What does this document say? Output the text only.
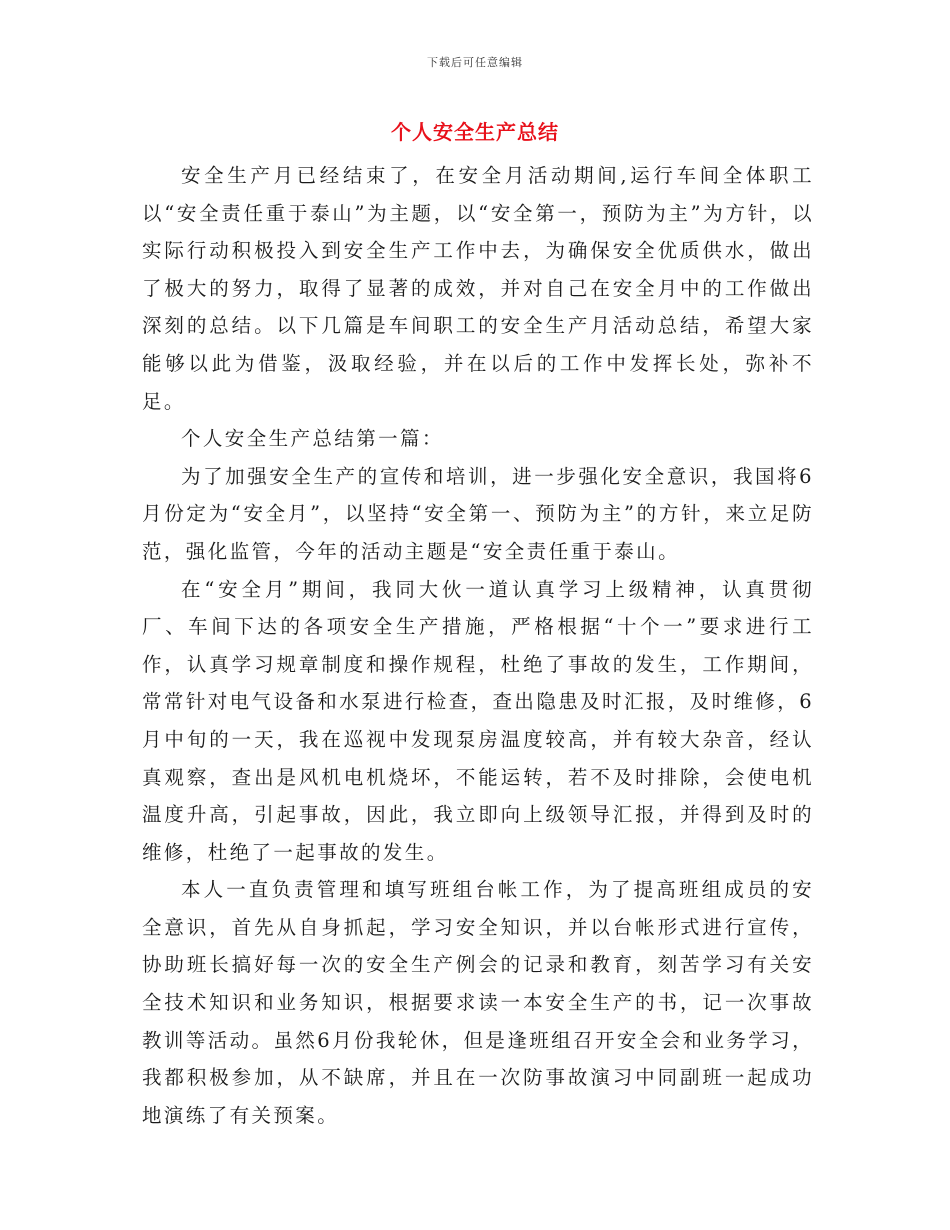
下载后可任意编辑
个人安全生产总结

安全生产月已经结束了，在安全月活动期间,运行车间全体职工以“安全责任重于泰山”为主题，以“安全第一，预防为主”为方针，以实际行动积极投入到安全生产工作中去，为确保安全优质供水，做出了极大的努力，取得了显著的成效，并对自己在安全月中的工作做出深刻的总结。以下几篇是车间职工的安全生产月活动总结，希望大家能够以此为借鉴，汲取经验，并在以后的工作中发挥长处，弥补不足。

个人安全生产总结第一篇：

为了加强安全生产的宣传和培训，进一步强化安全意识，我国将6月份定为“安全月”，以坚持“安全第一、预防为主”的方针，来立足防范，强化监管，今年的活动主题是“安全责任重于泰山。

在“安全月”期间，我同大伙一道认真学习上级精神，认真贯彻厂、车间下达的各项安全生产措施，严格根据“十个一”要求进行工作，认真学习规章制度和操作规程，杜绝了事故的发生，工作期间，常常针对电气设备和水泵进行检查，查出隐患及时汇报，及时维修，6月中旬的一天，我在巡视中发现泵房温度较高，并有较大杂音，经认真观察，查出是风机电机烧坏，不能运转，若不及时排除，会使电机温度升高，引起事故，因此，我立即向上级领导汇报，并得到及时的维修，杜绝了一起事故的发生。

本人一直负责管理和填写班组台帐工作，为了提高班组成员的安全意识，首先从自身抓起，学习安全知识，并以台帐形式进行宣传，协助班长搞好每一次的安全生产例会的记录和教育，刻苦学习有关安全技术知识和业务知识，根据要求读一本安全生产的书，记一次事故教训等活动。虽然6月份我轮休，但是逢班组召开安全会和业务学习，我都积极参加，从不缺席，并且在一次防事故演习中同副班一起成功地演练了有关预案。
